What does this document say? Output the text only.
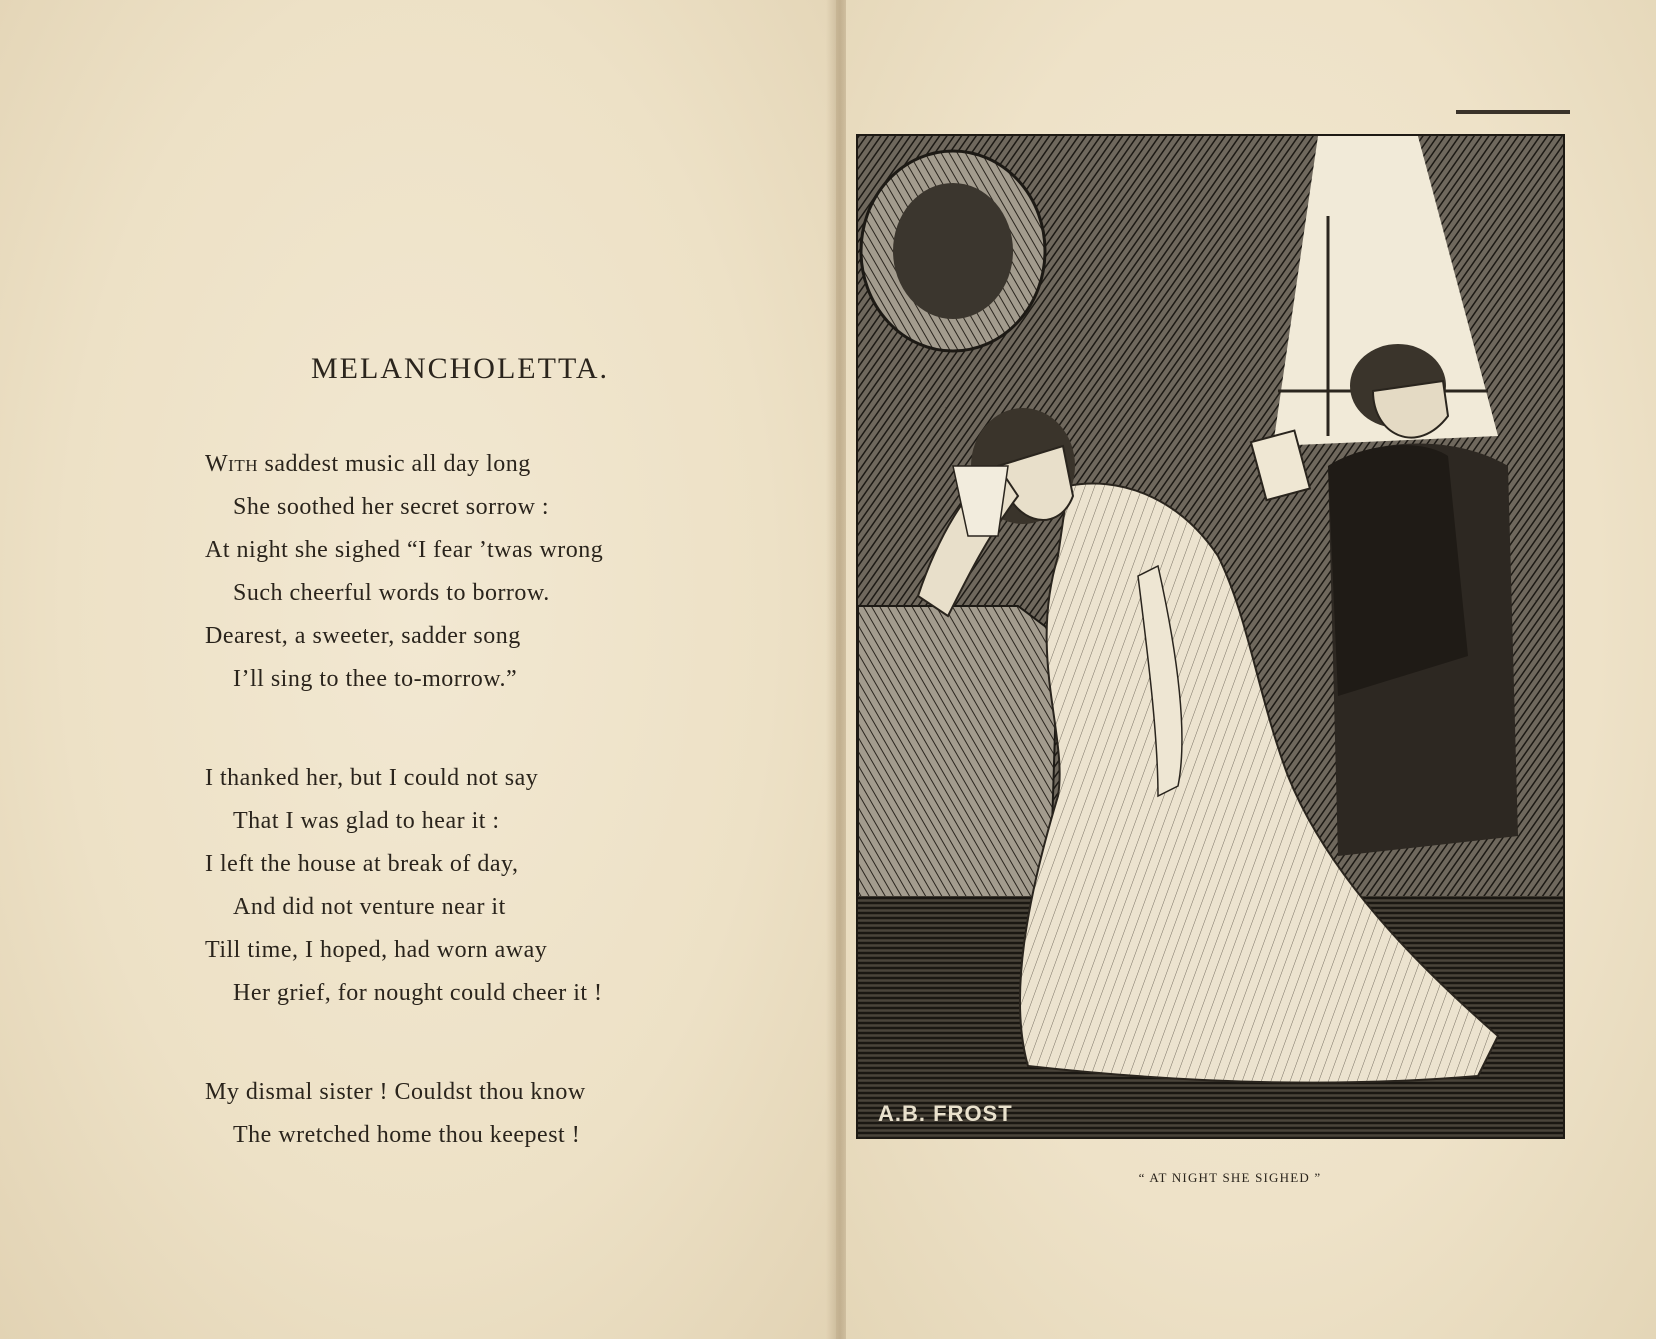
MELANCHOLETTA.
With saddest music all day long
She soothed her secret sorrow :
At night she sighed “I fear ’twas wrong
Such cheerful words to borrow.
Dearest, a sweeter, sadder song
I’ll sing to thee to-morrow.”
I thanked her, but I could not say
That I was glad to hear it :
I left the house at break of day,
And did not venture near it
Till time, I hoped, had worn away
Her grief, for nought could cheer it !
My dismal sister ! Couldst thou know
The wretched home thou keepest !
A.B. FROST
“ AT NIGHT SHE SIGHED ”
